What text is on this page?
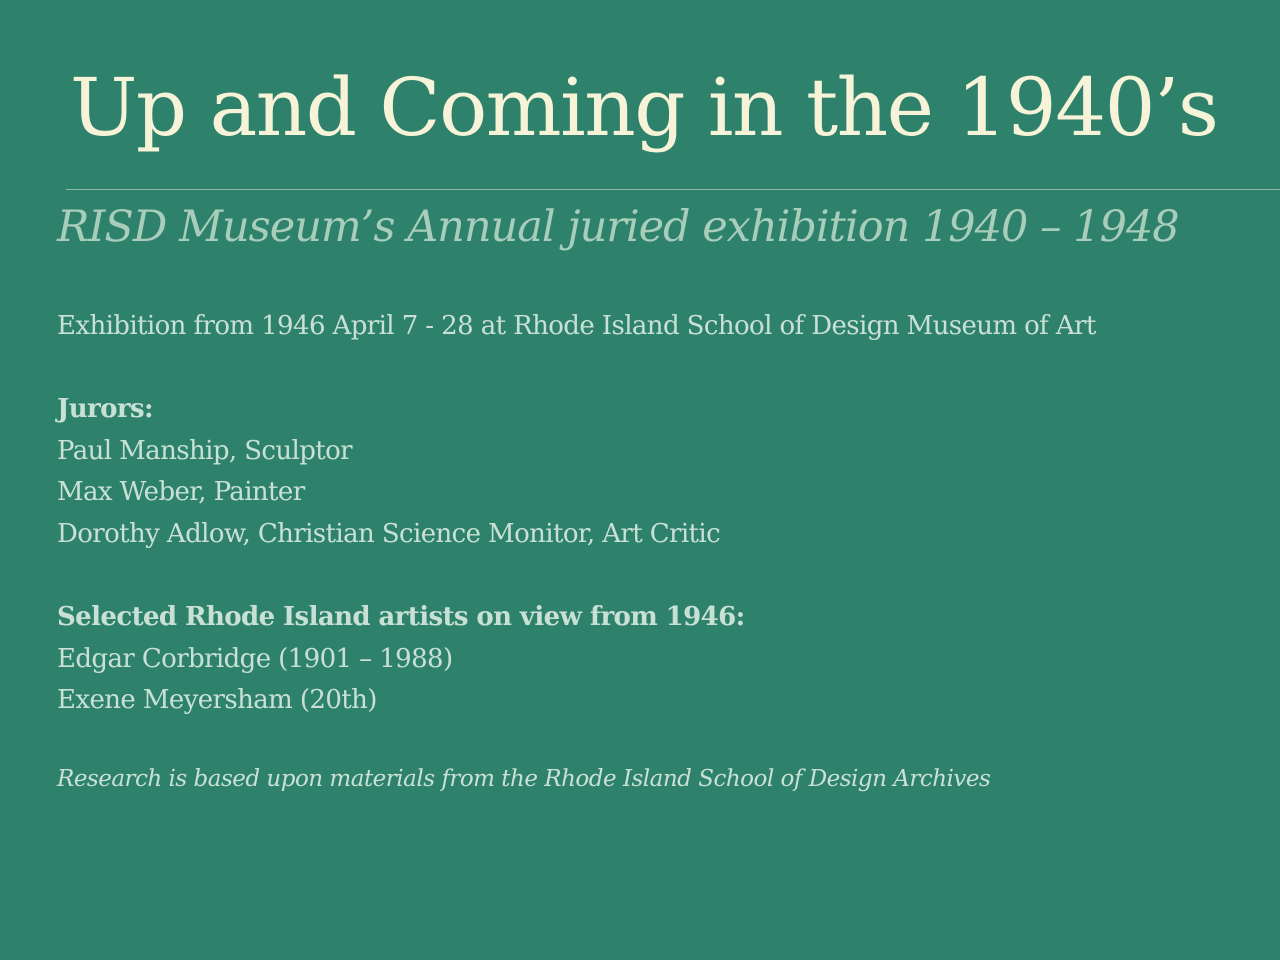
Up and Coming in the 1940’s
RISD Museum’s Annual juried exhibition 1940 – 1948
Exhibition from 1946 April 7 - 28 at Rhode Island School of Design Museum of Art
Jurors:
Paul Manship, Sculptor
Max Weber, Painter
Dorothy Adlow, Christian Science Monitor, Art Critic
Selected Rhode Island artists on view from 1946:
Edgar Corbridge (1901 – 1988)
Exene Meyersham (20th)
Research is based upon materials from the Rhode Island School of Design Archives
